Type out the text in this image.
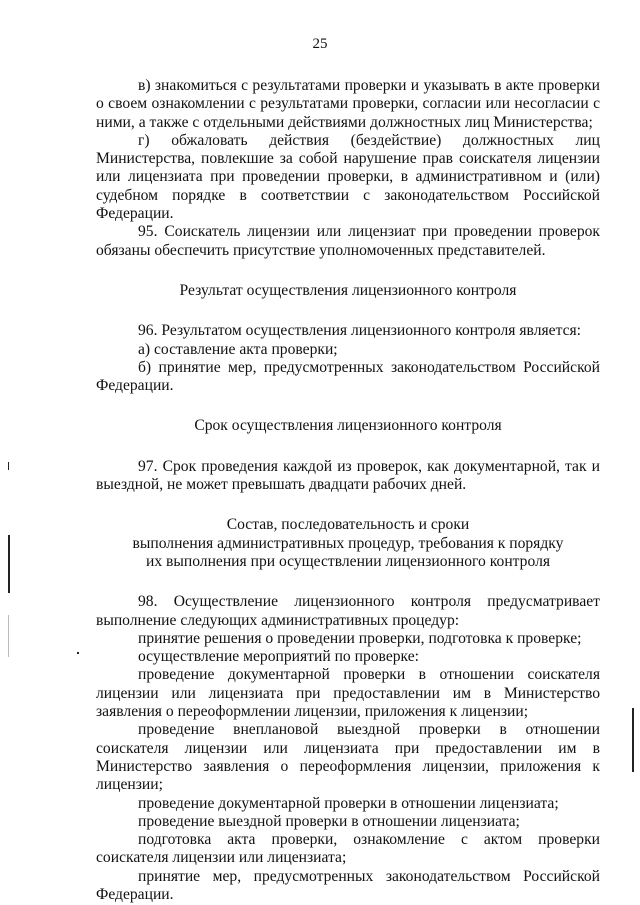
25

в) знакомиться с результатами проверки и указывать в акте проверки о своем ознакомлении с результатами проверки, согласии или несогласии с ними, а также с отдельными действиями должностных лиц Министерства;

г) обжаловать действия (бездействие) должностных лиц Министерства, повлекшие за собой нарушение прав соискателя лицензии или лицензиата при проведении проверки, в административном и (или) судебном порядке в соответствии с законодательством Российской Федерации.

95. Соискатель лицензии или лицензиат при проведении проверок обязаны обеспечить присутствие уполномоченных представителей.

Результат осуществления лицензионного контроля

96. Результатом осуществления лицензионного контроля является:

а) составление акта проверки;

б) принятие мер, предусмотренных законодательством Российской Федерации.

Срок осуществления лицензионного контроля

97. Срок проведения каждой из проверок, как документарной, так и выездной, не может превышать двадцати рабочих дней.

Состав, последовательность и сроки
выполнения административных процедур, требования к порядку
их выполнения при осуществлении лицензионного контроля

98. Осуществление лицензионного контроля предусматривает выполнение следующих административных процедур:

принятие решения о проведении проверки, подготовка к проверке;

осуществление мероприятий по проверке:

проведение документарной проверки в отношении соискателя лицензии или лицензиата при предоставлении им в Министерство заявления о переоформлении лицензии, приложения к лицензии;

проведение внеплановой выездной проверки в отношении соискателя лицензии или лицензиата при предоставлении им в Министерство заявления о переоформления лицензии, приложения к лицензии;

проведение документарной проверки в отношении лицензиата;

проведение выездной проверки в отношении лицензиата;

подготовка акта проверки, ознакомление с актом проверки соискателя лицензии или лицензиата;

принятие мер, предусмотренных законодательством Российской Федерации.
